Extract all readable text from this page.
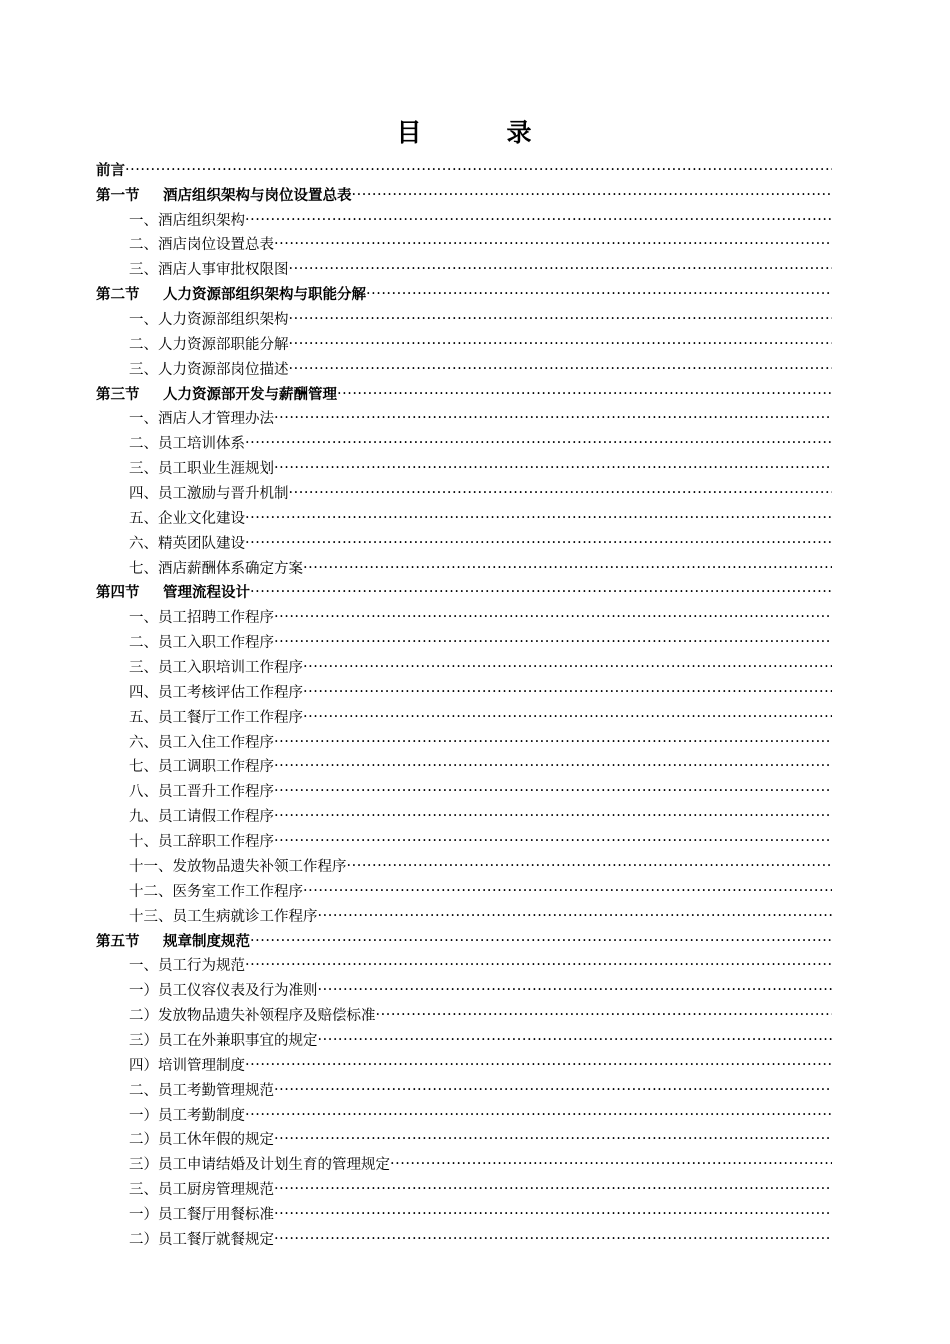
目　录
前言
·····
第一节 酒店组织架构与岗位设置总表
·····
一、酒店组织架构
·····
二、酒店岗位设置总表
·····
三、酒店人事审批权限图
·····
第二节 人力资源部组织架构与职能分解
·····
一、人力资源部组织架构
·····
二、人力资源部职能分解
·····
三、人力资源部岗位描述
·····
第三节 人力资源部开发与薪酬管理
·····
一、酒店人才管理办法
·····
二、员工培训体系
·····
三、员工职业生涯规划
·····
四、员工激励与晋升机制
·····
五、企业文化建设
·····
六、精英团队建设
·····
七、酒店薪酬体系确定方案
·····
第四节 管理流程设计
·····
一、员工招聘工作程序
·····
二、员工入职工作程序
·····
三、员工入职培训工作程序
·····
四、员工考核评估工作程序
·····
五、员工餐厅工作工作程序
·····
六、员工入住工作程序
·····
七、员工调职工作程序
·····
八、员工晋升工作程序
·····
九、员工请假工作程序
·····
十、员工辞职工作程序
·····
十一、发放物品遗失补领工作程序
·····
十二、医务室工作工作程序
·····
十三、员工生病就诊工作程序
·····
第五节 规章制度规范
·····
一、员工行为规范
·····
一）员工仪容仪表及行为准则
·····
二）发放物品遗失补领程序及赔偿标准
·····
三）员工在外兼职事宜的规定
·····
四）培训管理制度
·····
二、员工考勤管理规范
·····
一）员工考勤制度
·····
二）员工休年假的规定
·····
三）员工申请结婚及计划生育的管理规定
·····
三、员工厨房管理规范
·····
一）员工餐厅用餐标准
·····
二）员工餐厅就餐规定
·····
